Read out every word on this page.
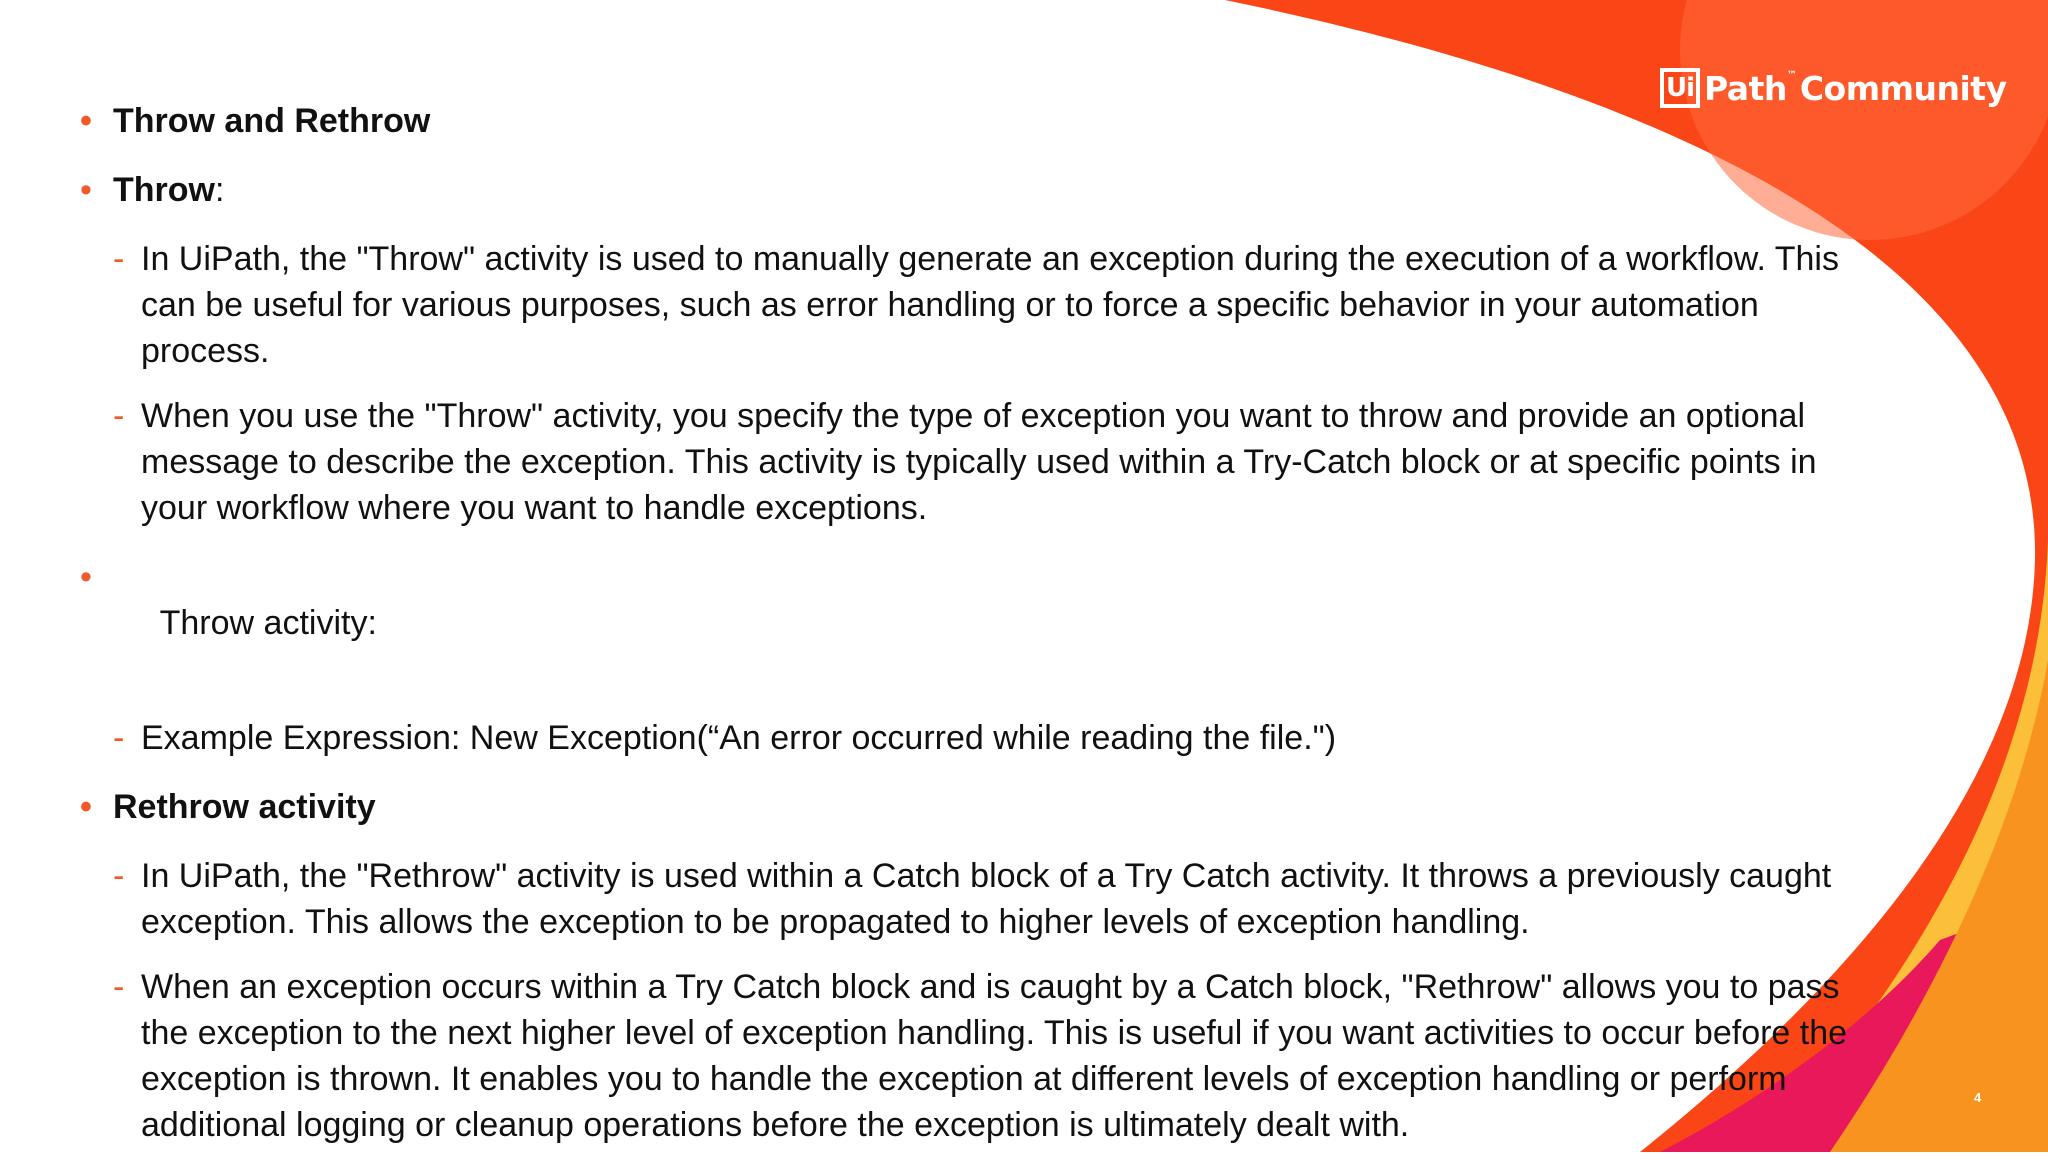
Ui Path ™ Community
• Throw and Rethrow
• Throw:
- In UiPath, the "Throw" activity is used to manually generate an exception during the execution of a workflow. This can be useful for various purposes, such as error handling or to force a specific behavior in your automation process.
- When you use the "Throw" activity, you specify the type of exception you want to throw and provide an optional message to describe the exception. This activity is typically used within a Try-Catch block or at specific points in your workflow where you want to handle exceptions.

•  Throw activity:

- Example Expression: New Exception(“An error occurred while reading the file.")
• Rethrow activity
- In UiPath, the "Rethrow" activity is used within a Catch block of a Try Catch activity. It throws a previously caught exception. This allows the exception to be propagated to higher levels of exception handling.
- When an exception occurs within a Try Catch block and is caught by a Catch block, "Rethrow" allows you to pass the exception to the next higher level of exception handling. This is useful if you want activities to occur before the exception is thrown. It enables you to handle the exception at different levels of exception handling or perform additional logging or cleanup operations before the exception is ultimately dealt with.
4
